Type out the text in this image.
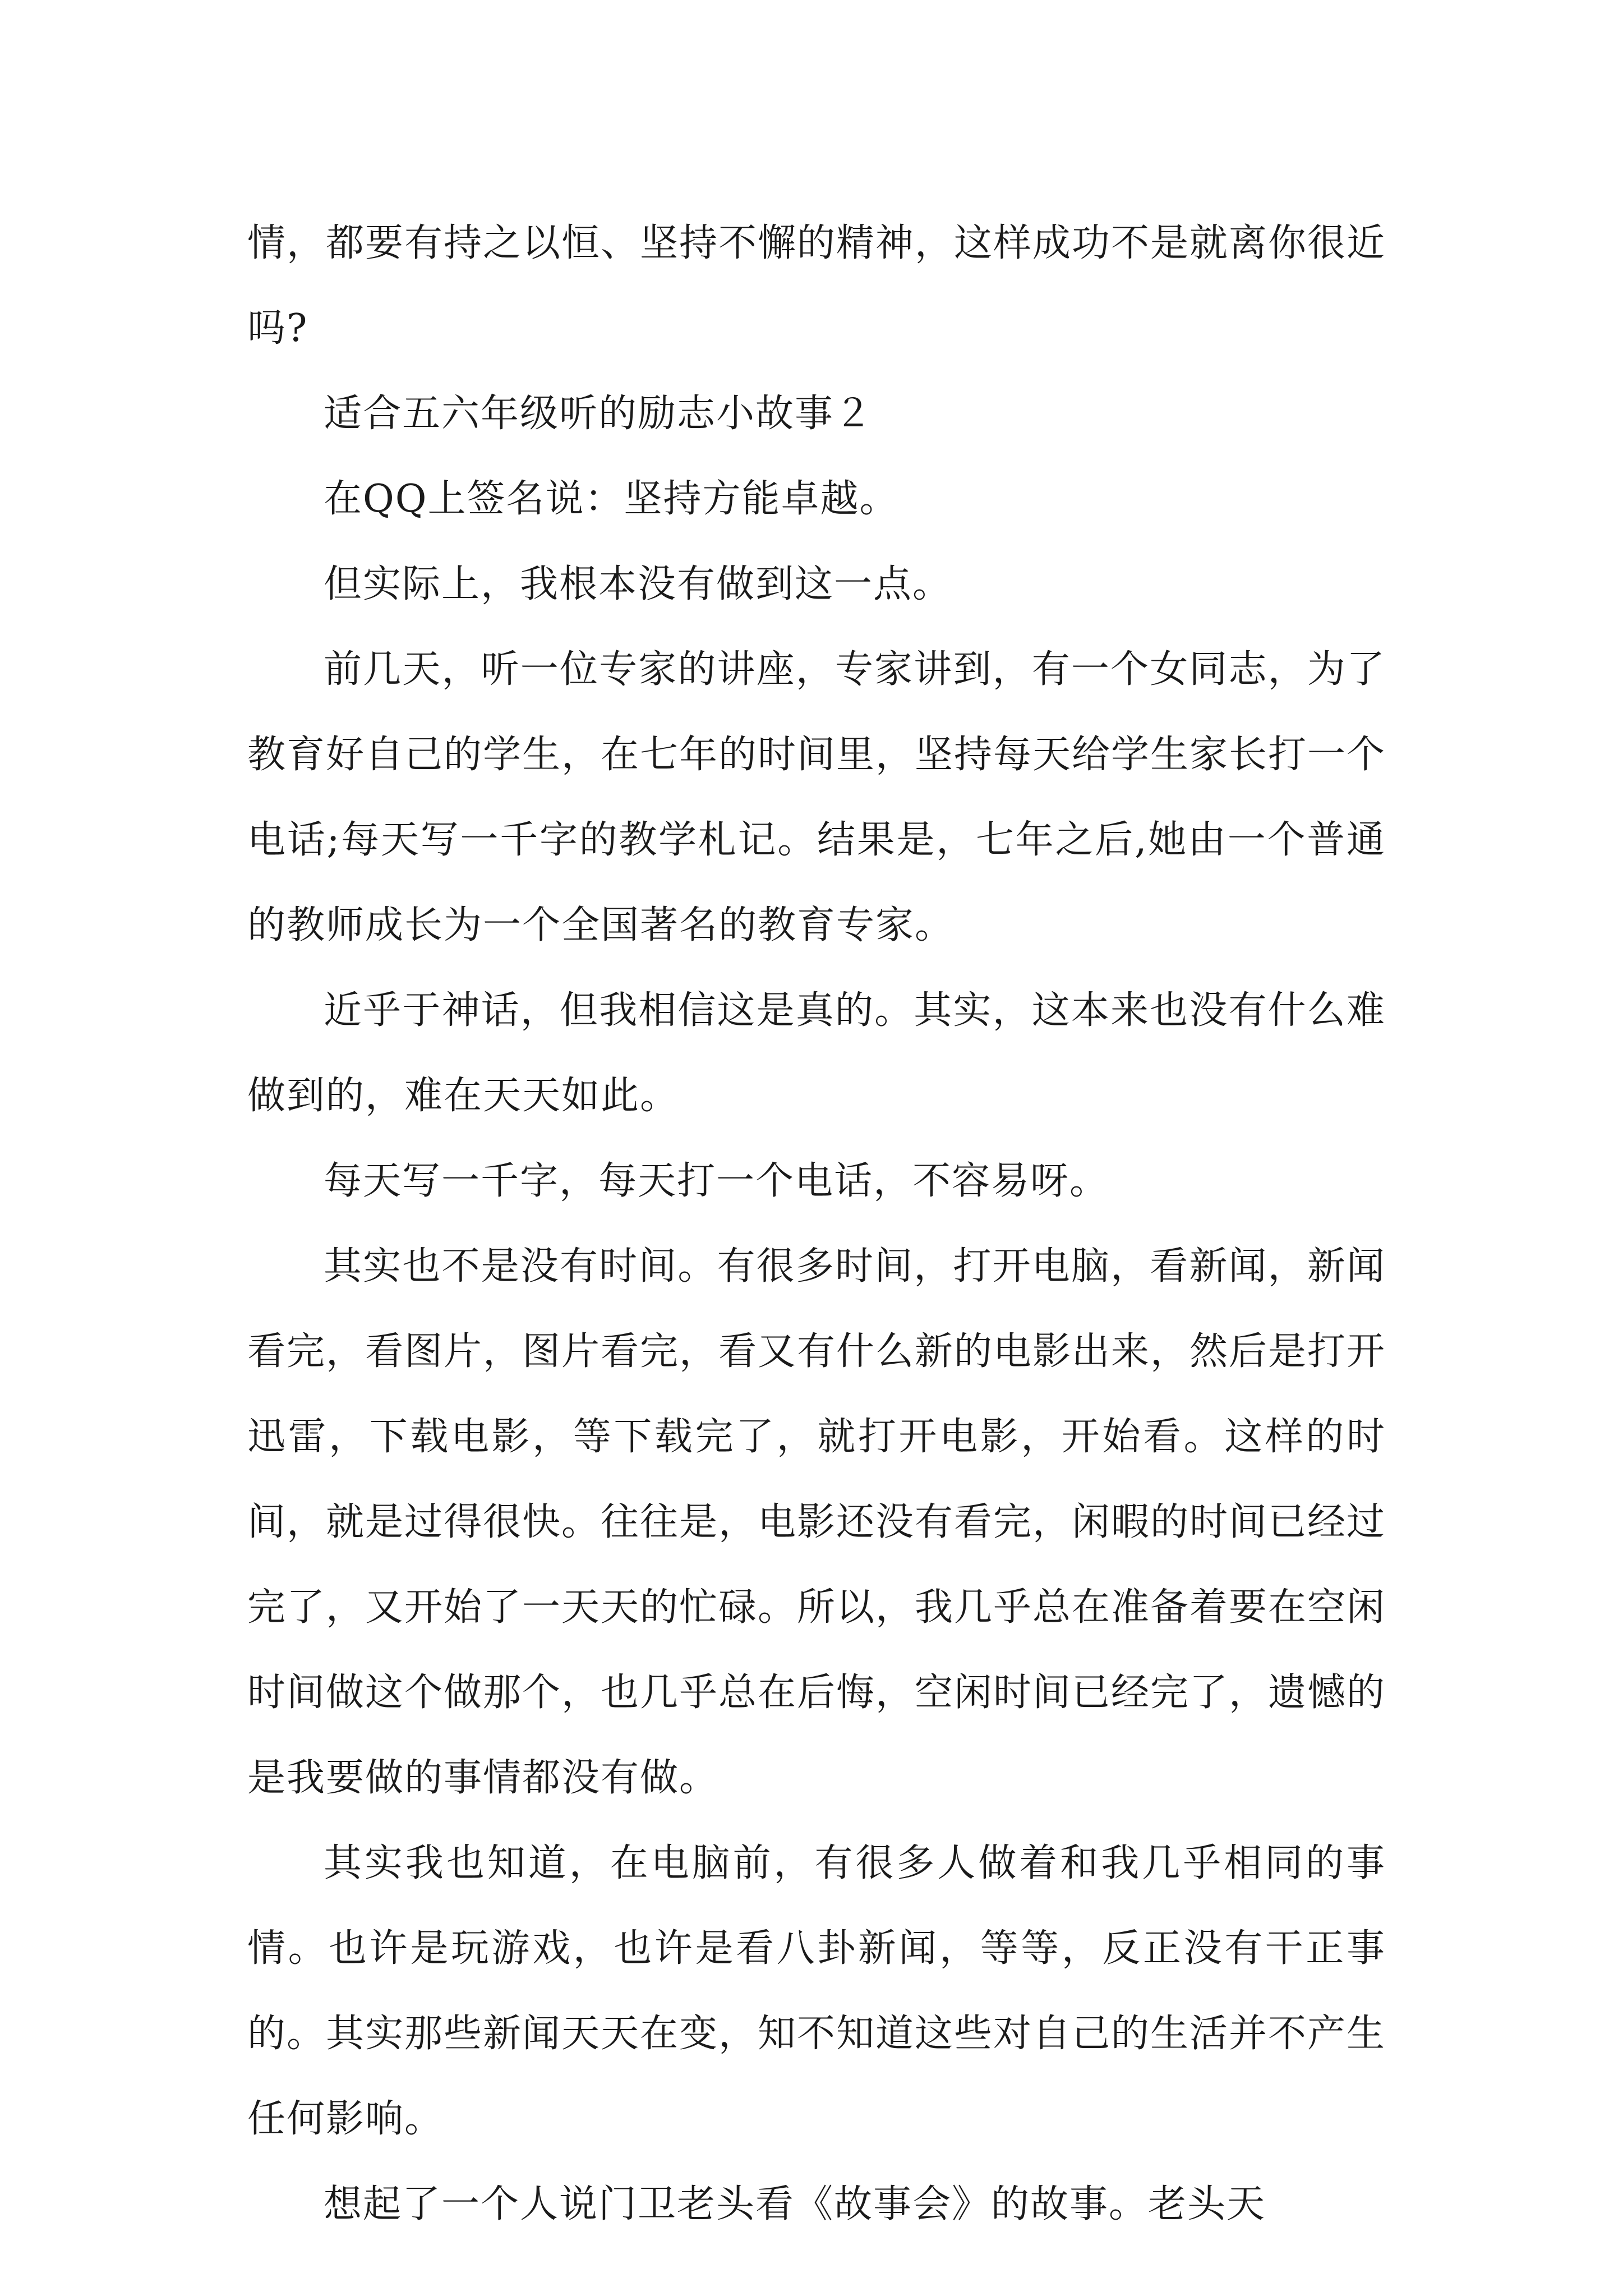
情，都要有持之以恒、坚持不懈的精神，这样成功不是就离你很近吗?

适合五六年级听的励志小故事２

在QQ上签名说：坚持方能卓越。

但实际上，我根本没有做到这一点。

前几天，听一位专家的讲座，专家讲到，有一个女同志，为了教育好自己的学生，在七年的时间里，坚持每天给学生家长打一个电话;每天写一千字的教学札记。结果是，七年之后,她由一个普通的教师成长为一个全国著名的教育专家。

近乎于神话，但我相信这是真的。其实，这本来也没有什么难做到的，难在天天如此。

每天写一千字，每天打一个电话，不容易呀。

其实也不是没有时间。有很多时间，打开电脑，看新闻，新闻看完，看图片，图片看完，看又有什么新的电影出来，然后是打开迅雷，下载电影，等下载完了，就打开电影，开始看。这样的时间，就是过得很快。往往是，电影还没有看完，闲暇的时间已经过完了，又开始了一天天的忙碌。所以，我几乎总在准备着要在空闲时间做这个做那个，也几乎总在后悔，空闲时间已经完了，遗憾的是我要做的事情都没有做。

其实我也知道，在电脑前，有很多人做着和我几乎相同的事情。也许是玩游戏，也许是看八卦新闻，等等，反正没有干正事的。其实那些新闻天天在变，知不知道这些对自己的生活并不产生任何影响。

想起了一个人说门卫老头看《故事会》的故事。老头天
